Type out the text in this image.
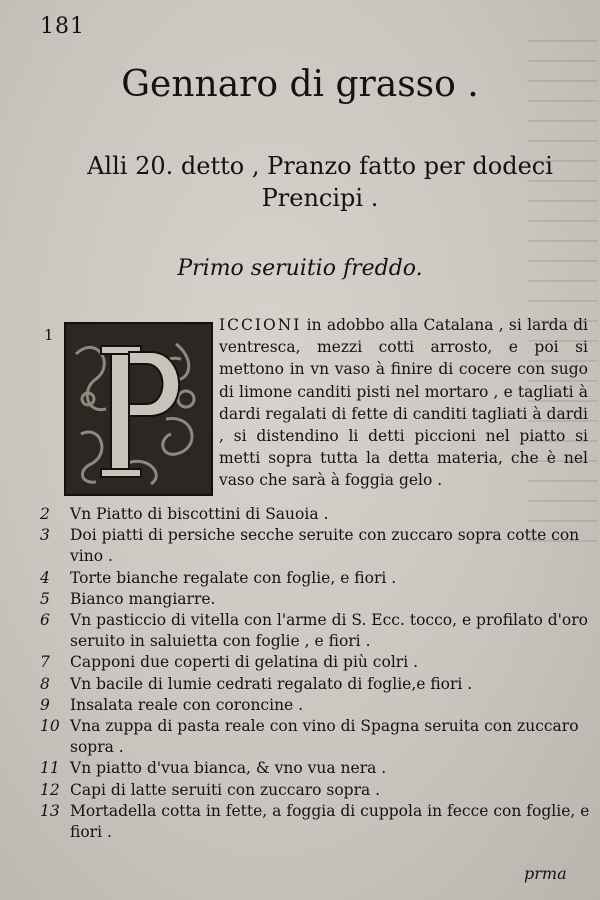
181
Gennaro di grasso .
Alli 20. detto , Pranzo fatto per dodeci
Prencipi .
Primo seruitio freddo.
1
ICCIONI in adobbo alla Catalana , si larda di ventresca, mezzi cotti arrosto, e poi si mettono in vn vaso à finire di cocere con sugo di limone canditi pisti nel mortaro , e tagliati à dardi regalati di fette di canditi tagliati à dardi , si distendino li detti piccioni nel piatto si metti sopra tutta la detta materia, che è nel vaso che sarà à foggia gelo .

2 Vn Piatto di biscottini di Sauoia .

3 Doi piatti di persiche secche seruite con zuccaro sopra cotte con vino .

4 Torte bianche regalate con foglie, e fiori .

5 Bianco mangiarre.

6 Vn pasticcio di vitella con l'arme di S. Ecc. tocco, e profilato d'oro seruito in saluietta con foglie , e fiori .

7 Capponi due coperti di gelatina di più colri .

8 Vn bacile di lumie cedrati regalato di foglie,e fiori .

9 Insalata reale con coroncine .

10 Vna zuppa di pasta reale con vino di Spagna seruita con zuccaro sopra .

11 Vn piatto d'vua bianca, & vno vua nera .

12 Capi di latte seruiti con zuccaro sopra .

13 Mortadella cotta in fette, a foggia di cuppola in fecce con foglie, e fiori .

prma
